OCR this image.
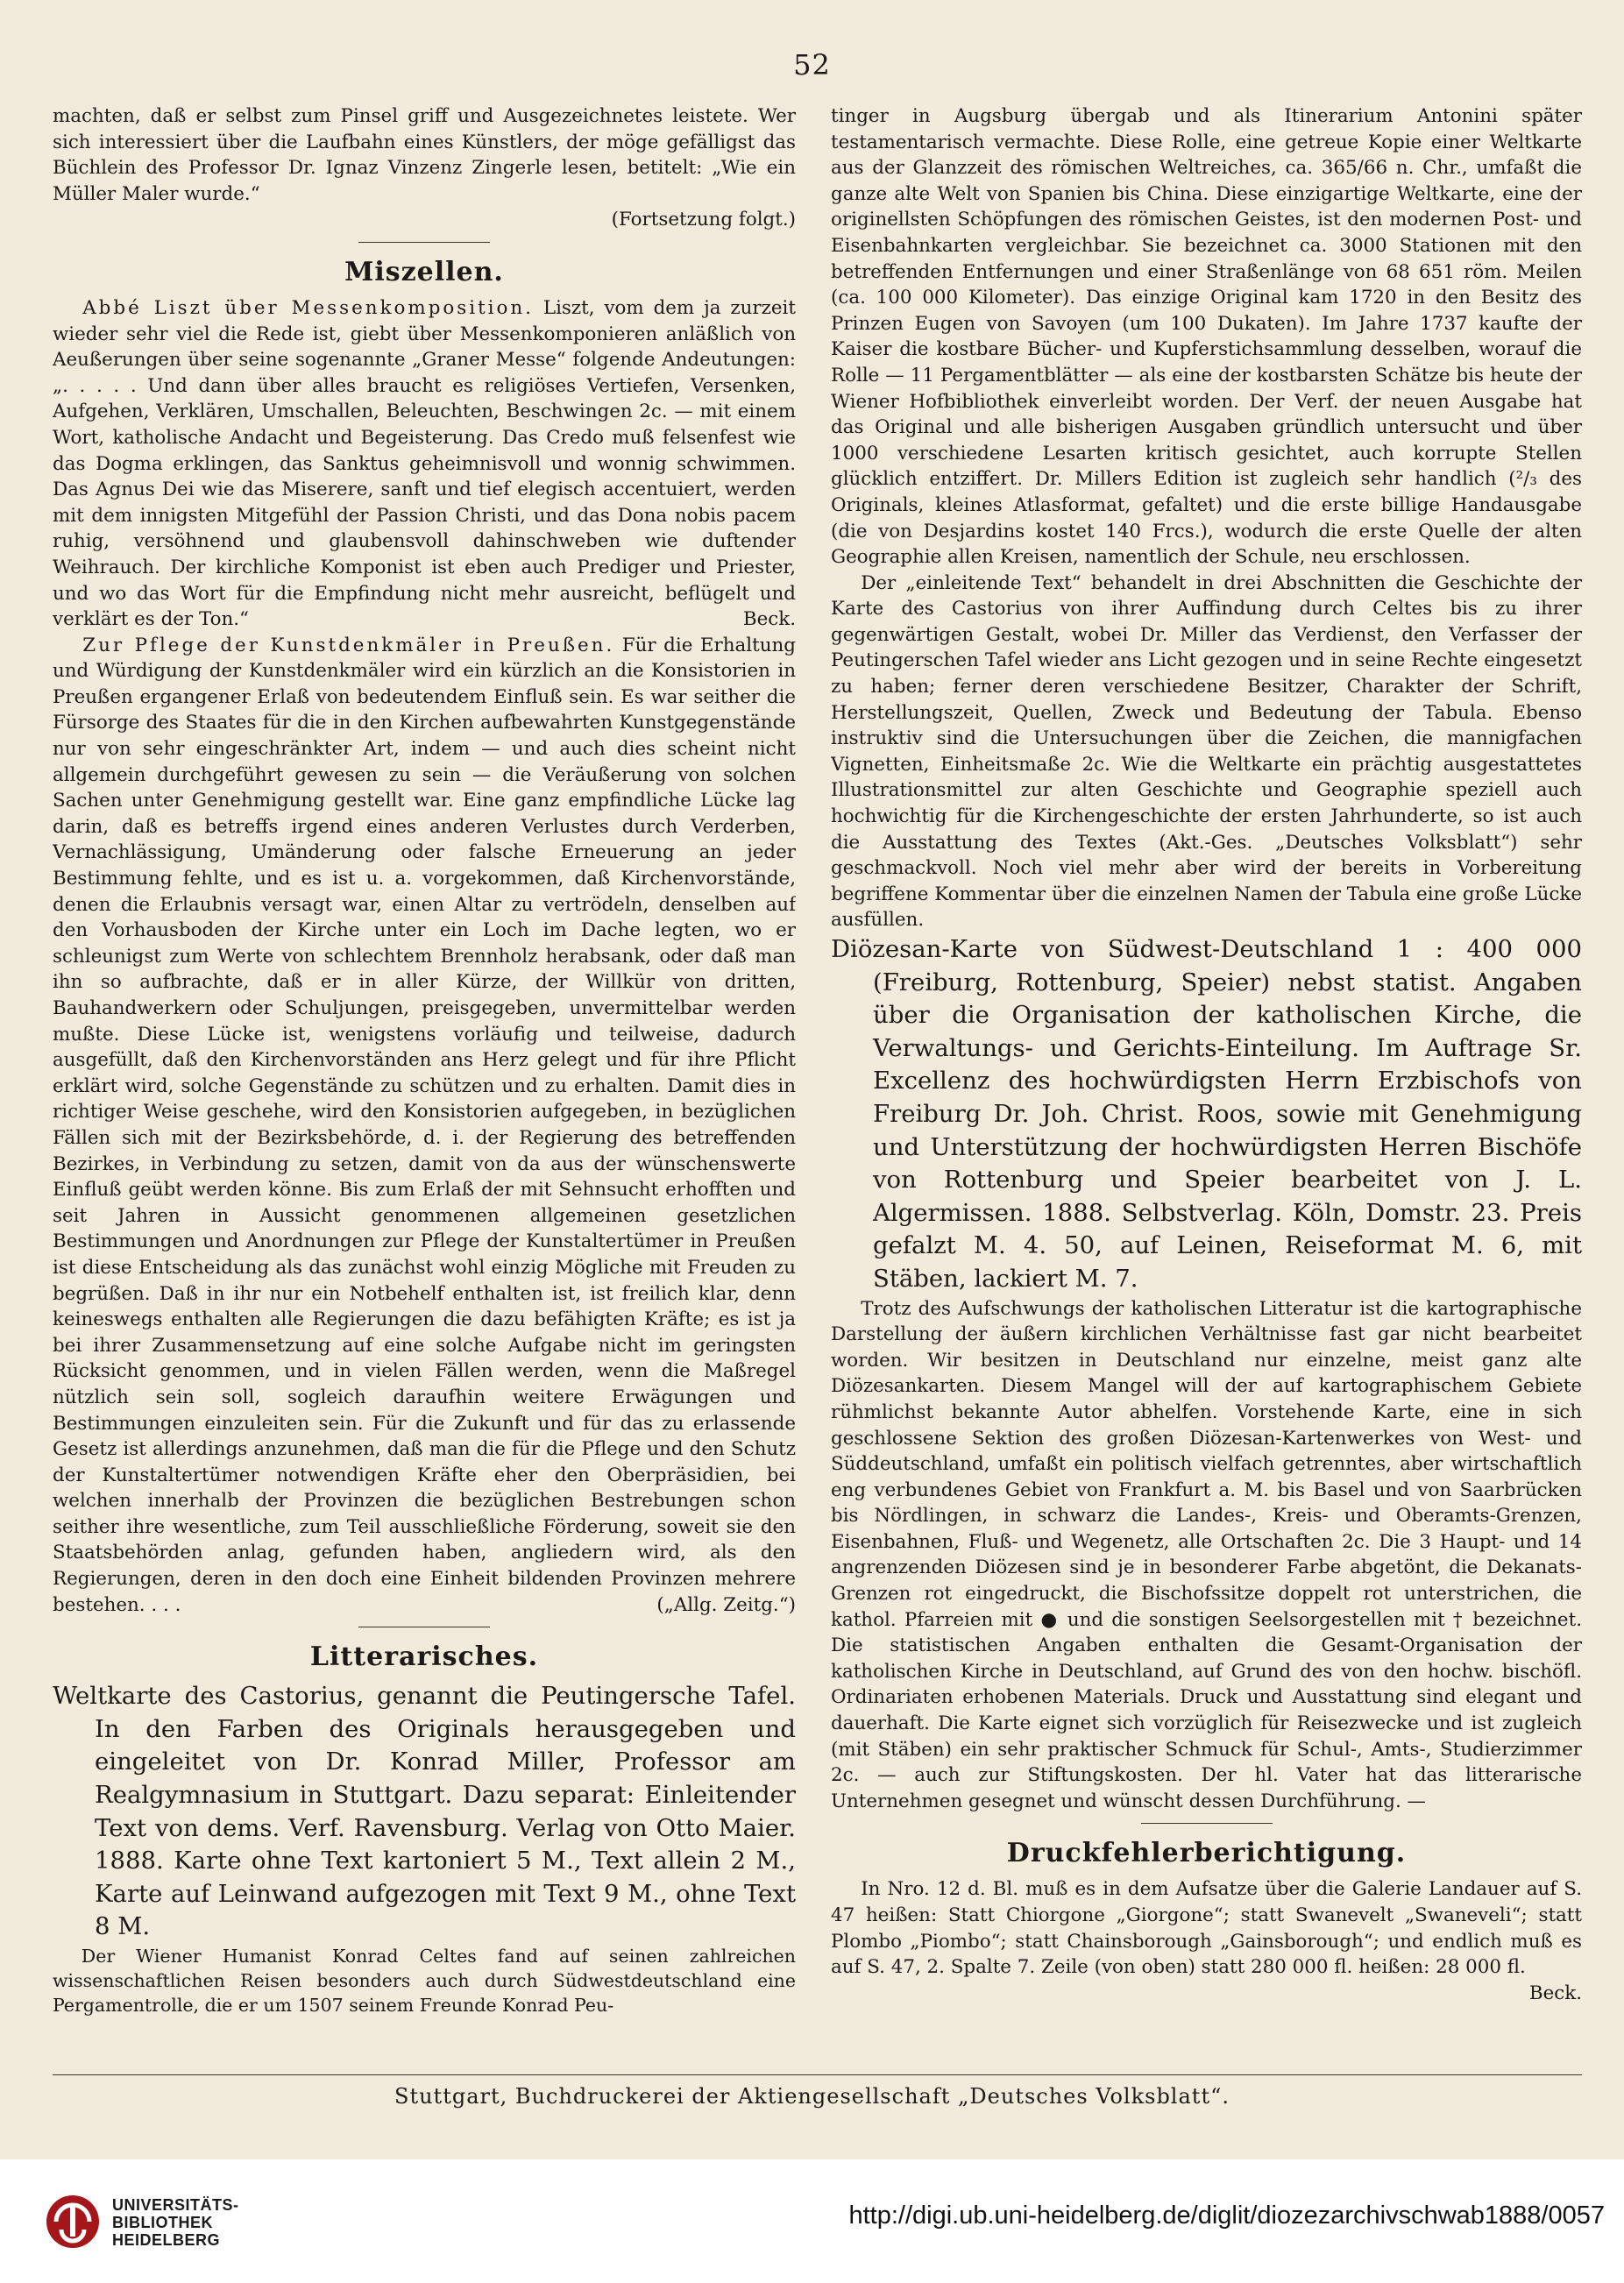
52

machten, daß er selbst zum Pinsel griff und Ausgezeichnetes leistete. Wer sich interessiert über die Laufbahn eines Künstlers, der möge gefälligst das Büchlein des Professor Dr. Ignaz Vinzenz Zingerle lesen, betitelt: „Wie ein Müller Maler wurde.“

(Fortsetzung folgt.)

Miszellen.

Abbé Liszt über Messenkomposition. Liszt, vom dem ja zurzeit wieder sehr viel die Rede ist, giebt über Messenkomponieren anläßlich von Aeußerungen über seine sogenannte „Graner Messe“ folgende Andeutungen: „. . . . . Und dann über alles braucht es religiöses Vertiefen, Versenken, Aufgehen, Verklären, Umschallen, Beleuchten, Beschwingen 2c. — mit einem Wort, katholische Andacht und Begeisterung. Das Credo muß felsenfest wie das Dogma erklingen, das Sanktus geheimnisvoll und wonnig schwimmen. Das Agnus Dei wie das Miserere, sanft und tief elegisch accentuiert, werden mit dem innigsten Mitgefühl der Passion Christi, und das Dona nobis pacem ruhig, versöhnend und glaubensvoll dahinschweben wie duftender Weihrauch. Der kirchliche Komponist ist eben auch Prediger und Priester, und wo das Wort für die Empfindung nicht mehr ausreicht, beflügelt und verklärt es der Ton.“	Beck.

Zur Pflege der Kunstdenkmäler in Preußen. Für die Erhaltung und Würdigung der Kunstdenkmäler wird ein kürzlich an die Konsistorien in Preußen ergangener Erlaß von bedeutendem Einfluß sein. Es war seither die Fürsorge des Staates für die in den Kirchen aufbewahrten Kunstgegenstände nur von sehr eingeschränkter Art, indem — und auch dies scheint nicht allgemein durchgeführt gewesen zu sein — die Veräußerung von solchen Sachen unter Genehmigung gestellt war. Eine ganz empfindliche Lücke lag darin, daß es betreffs irgend eines anderen Verlustes durch Verderben, Vernachlässigung, Umänderung oder falsche Erneuerung an jeder Bestimmung fehlte, und es ist u. a. vorgekommen, daß Kirchenvorstände, denen die Erlaubnis versagt war, einen Altar zu vertrödeln, denselben auf den Vorhausboden der Kirche unter ein Loch im Dache legten, wo er schleunigst zum Werte von schlechtem Brennholz herabsank, oder daß man ihn so aufbrachte, daß er in aller Kürze, der Willkür von dritten, Bauhandwerkern oder Schuljungen, preisgegeben, unvermittelbar werden mußte. Diese Lücke ist, wenigstens vorläufig und teilweise, dadurch ausgefüllt, daß den Kirchenvorständen ans Herz gelegt und für ihre Pflicht erklärt wird, solche Gegenstände zu schützen und zu erhalten. Damit dies in richtiger Weise geschehe, wird den Konsistorien aufgegeben, in bezüglichen Fällen sich mit der Bezirksbehörde, d. i. der Regierung des betreffenden Bezirkes, in Verbindung zu setzen, damit von da aus der wünschenswerte Einfluß geübt werden könne. Bis zum Erlaß der mit Sehnsucht erhofften und seit Jahren in Aussicht genommenen allgemeinen gesetzlichen Bestimmungen und Anordnungen zur Pflege der Kunstaltertümer in Preußen ist diese Entscheidung als das zunächst wohl einzig Mögliche mit Freuden zu begrüßen. Daß in ihr nur ein Notbehelf enthalten ist, ist freilich klar, denn keineswegs enthalten alle Regierungen die dazu befähigten Kräfte; es ist ja bei ihrer Zusammensetzung auf eine solche Aufgabe nicht im geringsten Rücksicht genommen, und in vielen Fällen werden, wenn die Maßregel nützlich sein soll, sogleich daraufhin weitere Erwägungen und Bestimmungen einzuleiten sein. Für die Zukunft und für das zu erlassende Gesetz ist allerdings anzunehmen, daß man die für die Pflege und den Schutz der Kunstaltertümer notwendigen Kräfte eher den Oberpräsidien, bei welchen innerhalb der Provinzen die bezüglichen Bestrebungen schon seither ihre wesentliche, zum Teil ausschließliche Förderung, soweit sie den Staatsbehörden anlag, gefunden haben, angliedern wird, als den Regierungen, deren in den doch eine Einheit bildenden Provinzen mehrere bestehen. . . .	(„Allg. Zeitg.“)

Litterarisches.

Weltkarte des Castorius, genannt die Peutingersche Tafel. In den Farben des Originals herausgegeben und eingeleitet von Dr. Konrad Miller, Professor am Realgymnasium in Stuttgart. Dazu separat: Einleitender Text von dems. Verf. Ravensburg. Verlag von Otto Maier. 1888. Karte ohne Text kartoniert 5 M., Text allein 2 M., Karte auf Leinwand aufgezogen mit Text 9 M., ohne Text 8 M.

Der Wiener Humanist Konrad Celtes fand auf seinen zahlreichen wissenschaftlichen Reisen besonders auch durch Südwestdeutschland eine Pergamentrolle, die er um 1507 seinem Freunde Konrad Peu-

tinger in Augsburg übergab und als Itinerarium Antonini später testamentarisch vermachte. Diese Rolle, eine getreue Kopie einer Weltkarte aus der Glanzzeit des römischen Weltreiches, ca. 365/66 n. Chr., umfaßt die ganze alte Welt von Spanien bis China. Diese einzigartige Weltkarte, eine der originellsten Schöpfungen des römischen Geistes, ist den modernen Post- und Eisenbahnkarten vergleichbar. Sie bezeichnet ca. 3000 Stationen mit den betreffenden Entfernungen und einer Straßenlänge von 68 651 röm. Meilen (ca. 100 000 Kilometer). Das einzige Original kam 1720 in den Besitz des Prinzen Eugen von Savoyen (um 100 Dukaten). Im Jahre 1737 kaufte der Kaiser die kostbare Bücher- und Kupferstichsammlung desselben, worauf die Rolle — 11 Pergamentblätter — als eine der kostbarsten Schätze bis heute der Wiener Hofbibliothek einverleibt worden. Der Verf. der neuen Ausgabe hat das Original und alle bisherigen Ausgaben gründlich untersucht und über 1000 verschiedene Lesarten kritisch gesichtet, auch korrupte Stellen glücklich entziffert. Dr. Millers Edition ist zugleich sehr handlich (²/₃ des Originals, kleines Atlasformat, gefaltet) und die erste billige Handausgabe (die von Desjardins kostet 140 Frcs.), wodurch die erste Quelle der alten Geographie allen Kreisen, namentlich der Schule, neu erschlossen.

Der „einleitende Text“ behandelt in drei Abschnitten die Geschichte der Karte des Castorius von ihrer Auffindung durch Celtes bis zu ihrer gegenwärtigen Gestalt, wobei Dr. Miller das Verdienst, den Verfasser der Peutingerschen Tafel wieder ans Licht gezogen und in seine Rechte eingesetzt zu haben; ferner deren verschiedene Besitzer, Charakter der Schrift, Herstellungszeit, Quellen, Zweck und Bedeutung der Tabula. Ebenso instruktiv sind die Untersuchungen über die Zeichen, die mannigfachen Vignetten, Einheitsmaße 2c. Wie die Weltkarte ein prächtig ausgestattetes Illustrationsmittel zur alten Geschichte und Geographie speziell auch hochwichtig für die Kirchengeschichte der ersten Jahrhunderte, so ist auch die Ausstattung des Textes (Akt.-Ges. „Deutsches Volksblatt“) sehr geschmackvoll. Noch viel mehr aber wird der bereits in Vorbereitung begriffene Kommentar über die einzelnen Namen der Tabula eine große Lücke ausfüllen.

Diözesan-Karte von Südwest-Deutschland 1 : 400 000 (Freiburg, Rottenburg, Speier) nebst statist. Angaben über die Organisation der katholischen Kirche, die Verwaltungs- und Gerichts-Einteilung. Im Auftrage Sr. Excellenz des hochwürdigsten Herrn Erzbischofs von Freiburg Dr. Joh. Christ. Roos, sowie mit Genehmigung und Unterstützung der hochwürdigsten Herren Bischöfe von Rottenburg und Speier bearbeitet von J. L. Algermissen. 1888. Selbstverlag. Köln, Domstr. 23. Preis gefalzt M. 4. 50, auf Leinen, Reiseformat M. 6, mit Stäben, lackiert M. 7.

Trotz des Aufschwungs der katholischen Litteratur ist die kartographische Darstellung der äußern kirchlichen Verhältnisse fast gar nicht bearbeitet worden. Wir besitzen in Deutschland nur einzelne, meist ganz alte Diözesankarten. Diesem Mangel will der auf kartographischem Gebiete rühmlichst bekannte Autor abhelfen. Vorstehende Karte, eine in sich geschlossene Sektion des großen Diözesan-Kartenwerkes von West- und Süddeutschland, umfaßt ein politisch vielfach getrenntes, aber wirtschaftlich eng verbundenes Gebiet von Frankfurt a. M. bis Basel und von Saarbrücken bis Nördlingen, in schwarz die Landes-, Kreis- und Oberamts-Grenzen, Eisenbahnen, Fluß- und Wegenetz, alle Ortschaften 2c. Die 3 Haupt- und 14 angrenzenden Diözesen sind je in besonderer Farbe abgetönt, die Dekanats-Grenzen rot eingedruckt, die Bischofssitze doppelt rot unterstrichen, die kathol. Pfarreien mit ● und die sonstigen Seelsorgestellen mit † bezeichnet. Die statistischen Angaben enthalten die Gesamt-Organisation der katholischen Kirche in Deutschland, auf Grund des von den hochw. bischöfl. Ordinariaten erhobenen Materials. Druck und Ausstattung sind elegant und dauerhaft. Die Karte eignet sich vorzüglich für Reisezwecke und ist zugleich (mit Stäben) ein sehr praktischer Schmuck für Schul-, Amts-, Studierzimmer 2c. — auch zur Stiftungskosten. Der hl. Vater hat das litterarische Unternehmen gesegnet und wünscht dessen Durchführung. —

Druckfehlerberichtigung.

In Nro. 12 d. Bl. muß es in dem Aufsatze über die Galerie Landauer auf S. 47 heißen: Statt Chiorgone „Giorgone“; statt Swanevelt „Swaneveli“; statt Plombo „Piombo“; statt Chainsborough „Gainsborough“; und endlich muß es auf S. 47, 2. Spalte 7. Zeile (von oben) statt 280 000 fl. heißen: 28 000 fl.
Beck.

Stuttgart, Buchdruckerei der Aktiengesellschaft „Deutsches Volksblatt“.
UNIVERSITÄTS-
BIBLIOTHEK
HEIDELBERG
http://digi.ub.uni-heidelberg.de/diglit/diozezarchivschwab1888/0057
